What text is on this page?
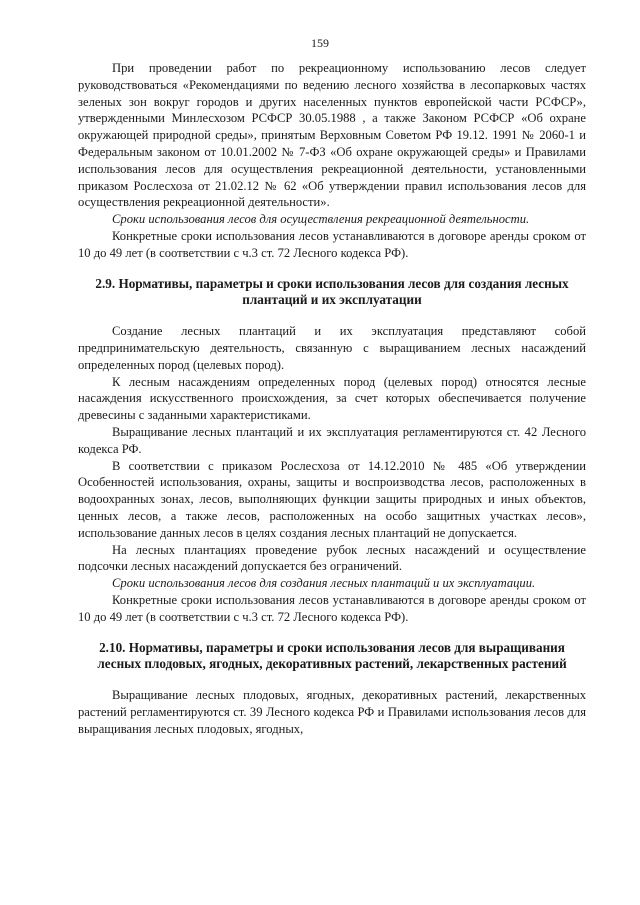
159

При проведении работ по рекреационному использованию лесов следует руководствоваться «Рекомендациями по ведению лесного хозяйства в лесопарковых частях зеленых зон вокруг городов и других населенных пунктов европейской части РСФСР», утвержденными Минлесхозом РСФСР 30.05.1988 , а также Законом РСФСР «Об охране окружающей природной среды», принятым Верховным Советом РФ 19.12. 1991 № 2060-1 и Федеральным законом от 10.01.2002 № 7-ФЗ «Об охране окружающей среды» и Правилами использования лесов для осуществления рекреационной деятельности, установленными приказом Рослесхоза от 21.02.12 № 62 «Об утверждении правил использования лесов для осуществления рекреационной деятельности».

Сроки использования лесов для осуществления рекреационной деятельности.

Конкретные сроки использования лесов устанавливаются в договоре аренды сроком от 10 до 49 лет (в соответствии с ч.3 ст. 72 Лесного кодекса РФ).

2.9. Нормативы, параметры и сроки использования лесов для создания лесных плантаций и их эксплуатации

Создание лесных плантаций и их эксплуатация представляют собой предпринимательскую деятельность, связанную с выращиванием лесных насаждений определенных пород (целевых пород).

К лесным насаждениям определенных пород (целевых пород) относятся лесные насаждения искусственного происхождения, за счет которых обеспечивается получение древесины с заданными характеристиками.

Выращивание лесных плантаций и их эксплуатация регламентируются ст. 42 Лесного кодекса РФ.

В соответствии с приказом Рослесхоза от 14.12.2010 № 485 «Об утверждении Особенностей использования, охраны, защиты и воспроизводства лесов, расположенных в водоохранных зонах, лесов, выполняющих функции защиты природных и иных объектов, ценных лесов, а также лесов, расположенных на особо защитных участках лесов», использование данных лесов в целях создания лесных плантаций не допускается.

На лесных плантациях проведение рубок лесных насаждений и осуществление подсочки лесных насаждений допускается без ограничений.

Сроки использования лесов для создания лесных плантаций и их эксплуатации.

Конкретные сроки использования лесов устанавливаются в договоре аренды сроком от 10 до 49 лет (в соответствии с ч.3 ст. 72 Лесного кодекса РФ).

2.10. Нормативы, параметры и сроки использования лесов для выращивания лесных плодовых, ягодных, декоративных растений, лекарственных растений

Выращивание лесных плодовых, ягодных, декоративных растений, лекарственных растений регламентируются ст. 39 Лесного кодекса РФ и Правилами использования лесов для выращивания лесных плодовых, ягодных,
